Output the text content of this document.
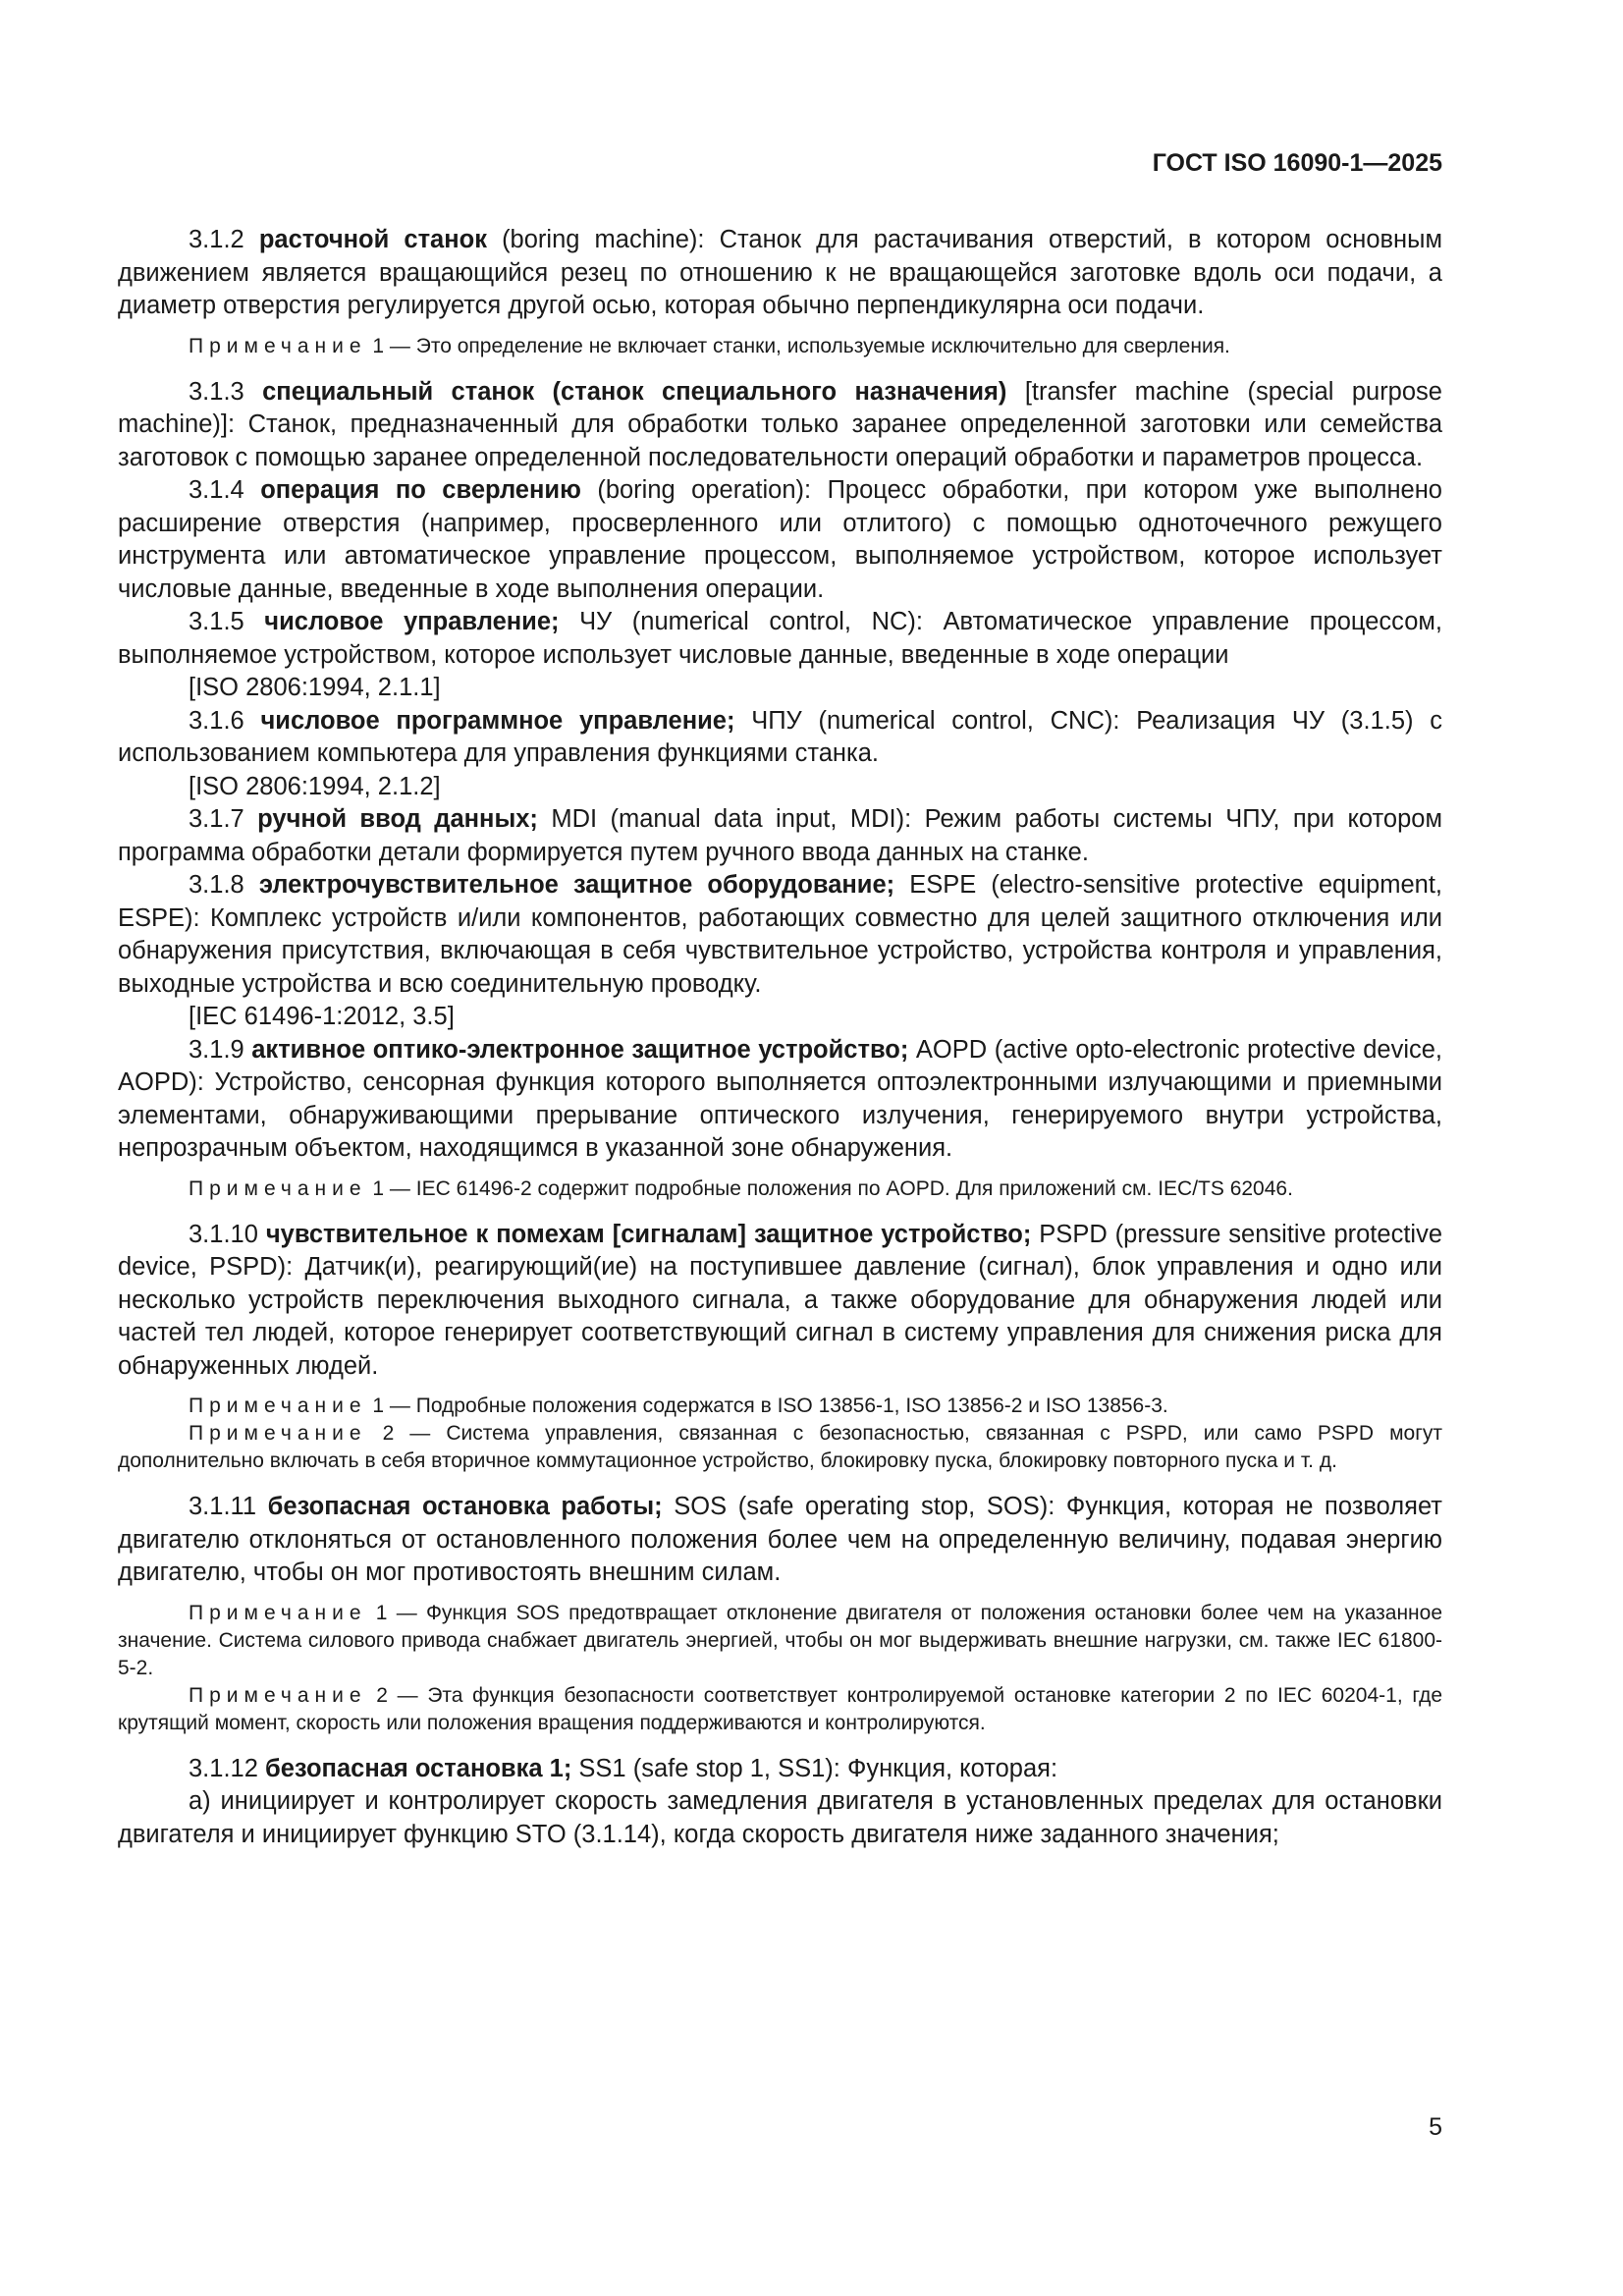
ГОСТ ISO 16090-1—2025

3.1.2 расточной станок (boring machine): Станок для растачивания отверстий, в котором основным движением является вращающийся резец по отношению к не вращающейся заготовке вдоль оси подачи, а диаметр отверстия регулируется другой осью, которая обычно перпендикулярна оси подачи.

Примечание 1 — Это определение не включает станки, используемые исключительно для сверления.

3.1.3 специальный станок (станок специального назначения) [transfer machine (special purpose machine)]: Станок, предназначенный для обработки только заранее определенной заготовки или семейства заготовок с помощью заранее определенной последовательности операций обработки и параметров процесса.

3.1.4 операция по сверлению (boring operation): Процесс обработки, при котором уже выполнено расширение отверстия (например, просверленного или отлитого) с помощью одноточечного режущего инструмента или автоматическое управление процессом, выполняемое устройством, которое использует числовые данные, введенные в ходе выполнения операции.

3.1.5 числовое управление; ЧУ (numerical control, NC): Автоматическое управление процессом, выполняемое устройством, которое использует числовые данные, введенные в ходе операции

[ISO 2806:1994, 2.1.1]

3.1.6 числовое программное управление; ЧПУ (numerical control, CNC): Реализация ЧУ (3.1.5) с использованием компьютера для управления функциями станка.

[ISO 2806:1994, 2.1.2]

3.1.7 ручной ввод данных; MDI (manual data input, MDI): Режим работы системы ЧПУ, при котором программа обработки детали формируется путем ручного ввода данных на станке.

3.1.8 электрочувствительное защитное оборудование; ESPE (electro-sensitive protective equipment, ESPE): Комплекс устройств и/или компонентов, работающих совместно для целей защитного отключения или обнаружения присутствия, включающая в себя чувствительное устройство, устройства контроля и управления, выходные устройства и всю соединительную проводку.

[IEC 61496-1:2012, 3.5]

3.1.9 активное оптико-электронное защитное устройство; AOPD (active opto-electronic protective device, AOPD): Устройство, сенсорная функция которого выполняется оптоэлектронными излучающими и приемными элементами, обнаруживающими прерывание оптического излучения, генерируемого внутри устройства, непрозрачным объектом, находящимся в указанной зоне обнаружения.

Примечание 1 — IEC 61496-2 содержит подробные положения по AOPD. Для приложений см. IEC/TS 62046.

3.1.10 чувствительное к помехам [сигналам] защитное устройство; PSPD (pressure sensitive protective device, PSPD): Датчик(и), реагирующий(ие) на поступившее давление (сигнал), блок управления и одно или несколько устройств переключения выходного сигнала, а также оборудование для обнаружения людей или частей тел людей, которое генерирует соответствующий сигнал в систему управления для снижения риска для обнаруженных людей.

Примечание 1 — Подробные положения содержатся в ISO 13856-1, ISO 13856-2 и ISO 13856-3.

Примечание 2 — Система управления, связанная с безопасностью, связанная с PSPD, или само PSPD могут дополнительно включать в себя вторичное коммутационное устройство, блокировку пуска, блокировку повторного пуска и т. д.

3.1.11 безопасная остановка работы; SOS (safe operating stop, SOS): Функция, которая не позволяет двигателю отклоняться от остановленного положения более чем на определенную величину, подавая энергию двигателю, чтобы он мог противостоять внешним силам.

Примечание 1 — Функция SOS предотвращает отклонение двигателя от положения остановки более чем на указанное значение. Система силового привода снабжает двигатель энергией, чтобы он мог выдерживать внешние нагрузки, см. также IEC 61800-5-2.

Примечание 2 — Эта функция безопасности соответствует контролируемой остановке категории 2 по IEC 60204-1, где крутящий момент, скорость или положения вращения поддерживаются и контролируются.

3.1.12 безопасная остановка 1; SS1 (safe stop 1, SS1): Функция, которая:

а) инициирует и контролирует скорость замедления двигателя в установленных пределах для остановки двигателя и инициирует функцию STO (3.1.14), когда скорость двигателя ниже заданного значения;

5
